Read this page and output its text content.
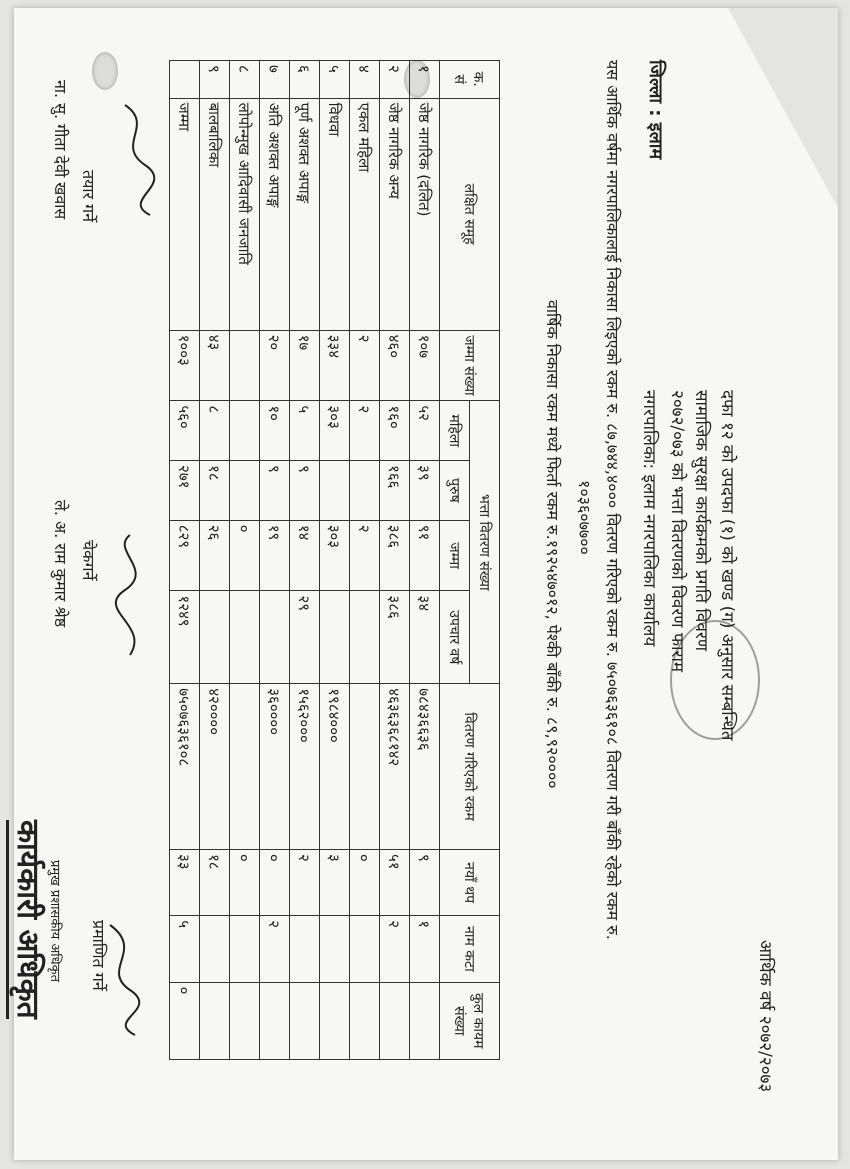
आर्थिक वर्ष २०७२/२०७३
दफा १२ को उपदफा (१) को खण्ड (ग) अनुसार सम्बन्धित
सामाजिक सुरक्षा कार्यक्रमको प्रगति विवरण
२०७२/०७३ को भत्ता वितरणको विवरण फाराम
नगरपालिका: इलाम नगरपालिका कार्यालय
जिल्ला : इलाम
यस आर्थिक वर्षमा नगरपालिकालाई निकासा लिइएको रकम रु. ८७,७४४,४००० वितरण गरिएको रकम रु. ७५०७६३६१०८ वितरण गरी बाँकी रहेको रकम रु.
१०३६०७७००
वार्षिक निकासा रकम मध्ये फिर्ता रकम रु.१९२५४७०१२, पेश्की बाँकी रु. ८९,९२००००
क. सं	लक्षित समूह	जम्मा संख्या	भत्ता वितरण संख्या				वितरण गरिएको रकम	नयाँ थप	नाम कटा	कुल कायम संख्या
			महिला	पुरुष	जम्मा	उपचार वर्ष				
१	जेष्ठ नागरिक (दलित)	१०७	५२	३९	९१	३४	७८४३६६३६	९	१	
२	जेष्ठ नागरिक अन्य	४६०	१६०	१६६	३८६	३८६	४६३६३६८१४२	५१	२	
४	एकल महिला	२	२		२			०		
५	विधवा	३३४	३०३		३०३		१९८४०००	३		
६	पूर्ण अशक्त अपाङ्ग	१७	५	९	१४	२९	१५६२०००	२		
७	अति अशक्त अपाङ्ग	२०	१०	९	१९		३६००००	०	२	
८	लोपोन्मुख आदिवासी जनजाति				०			०		
९	बालबालिका	४३	८	१८	२६		४२००००	१८		
	जम्मा	१००३	५६०	२७१	८२९	१२४९	७५०७६३६१०८	३३	५	०
तयार गर्ने
ना. सु. गीता देवी खवास
चेकगर्ने
ले. अ. राम कुमार श्रेष्ठ
प्रमाणित गर्ने
प्रमुख प्रशासकीय अधिकृत
कार्यकारी अधिकृत
